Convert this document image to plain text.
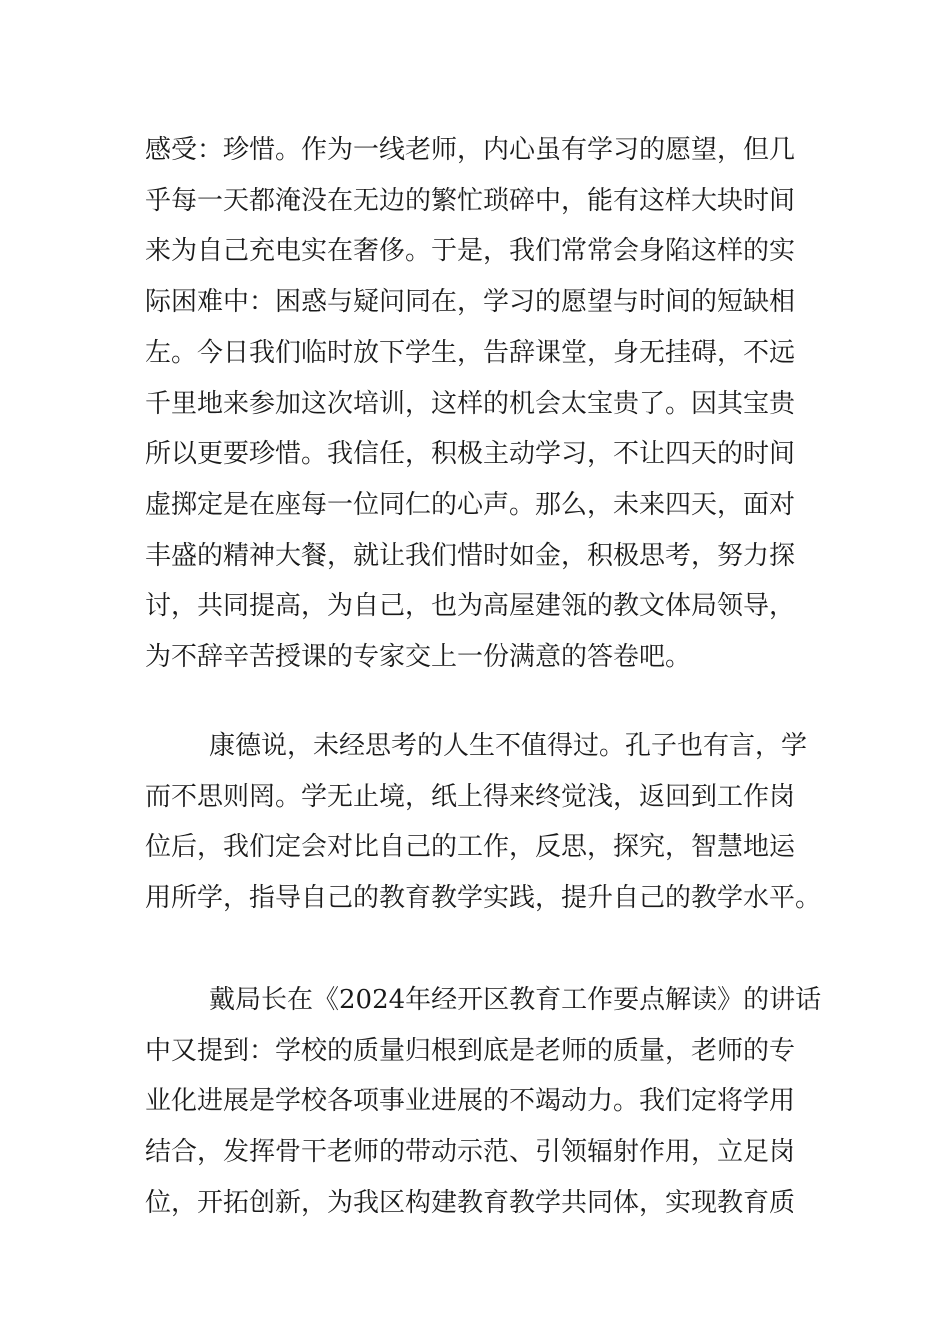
感受：珍惜。作为一线老师，内心虽有学习的愿望，但几
乎每一天都淹没在无边的繁忙琐碎中，能有这样大块时间
来为自己充电实在奢侈。于是，我们常常会身陷这样的实
际困难中：困惑与疑问同在，学习的愿望与时间的短缺相
左。今日我们临时放下学生，告辞课堂，身无挂碍，不远
千里地来参加这次培训，这样的机会太宝贵了。因其宝贵
所以更要珍惜。我信任，积极主动学习，不让四天的时间
虚掷定是在座每一位同仁的心声。那么，未来四天，面对
丰盛的精神大餐，就让我们惜时如金，积极思考，努力探
讨，共同提高，为自己，也为高屋建瓴的教文体局领导，
为不辞辛苦授课的专家交上一份满意的答卷吧。
康德说，未经思考的人生不值得过。孔子也有言，学
而不思则罔。学无止境，纸上得来终觉浅，返回到工作岗
位后，我们定会对比自己的工作，反思，探究，智慧地运
用所学，指导自己的教育教学实践，提升自己的教学水平。
戴局长在《2024年经开区教育工作要点解读》的讲话
中又提到：学校的质量归根到底是老师的质量，老师的专
业化进展是学校各项事业进展的不竭动力。我们定将学用
结合，发挥骨干老师的带动示范、引领辐射作用，立足岗
位，开拓创新，为我区构建教育教学共同体，实现教育质
